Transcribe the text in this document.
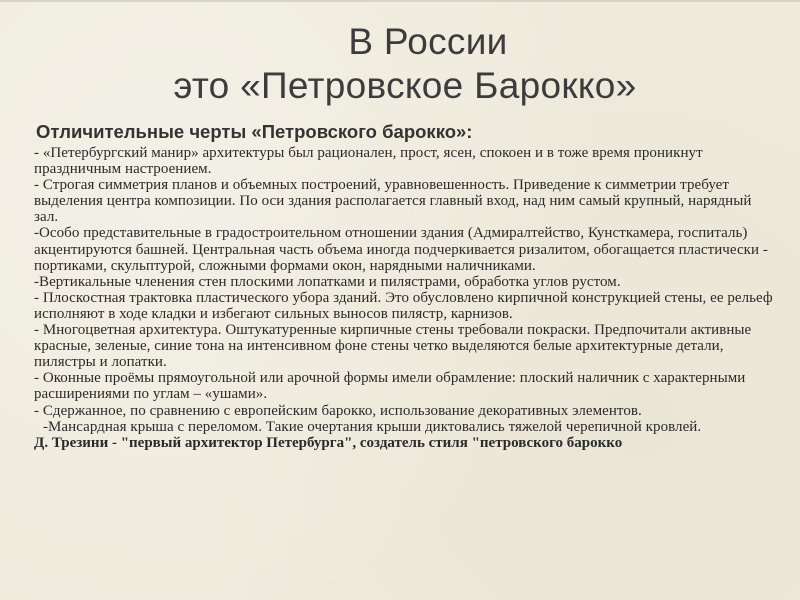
В России
это «Петровское Барокко»
Отличительные черты «Петровского барокко»:

- «Петербургский манир» архитектуры был рационален, прост, ясен, спокоен и в тоже время проникнут праздничным настроением.

- Строгая симметрия планов и объемных построений, уравновешенность. Приведение к симметрии требует выделения центра композиции. По оси здания располагается главный вход, над ним самый крупный, нарядный зал.

-Особо представительные в градостроительном отношении здания (Адмиралтейство, Кунсткамера, госпиталь) акцентируются башней. Центральная часть объема иногда подчеркивается ризалитом, обогащается пластически - портиками, скульптурой, сложными формами окон, нарядными наличниками.

-Вертикальные членения стен плоскими лопатками и пилястрами, обработка углов рустом.

- Плоскостная трактовка пластического убора зданий. Это обусловлено кирпичной конструкцией стены, ее рельеф исполняют в ходе кладки и избегают сильных выносов пилястр, карнизов.

- Многоцветная архитектура. Оштукатуренные кирпичные стены требовали покраски. Предпочитали активные красные, зеленые, синие тона на интенсивном фоне стены четко выделяются белые архитектурные детали, пилястры и лопатки.

- Оконные проёмы прямоугольной или арочной формы имели обрамление: плоский наличник с характерными расширениями по углам – «ушами».

- Сдержанное, по сравнению с европейским барокко, использование декоративных элементов.

-Мансардная крыша с переломом. Такие очертания крыши диктовались тяжелой черепичной кровлей.

Д. Трезини - "первый архитектор Петербурга", создатель стиля "петровского барокко
